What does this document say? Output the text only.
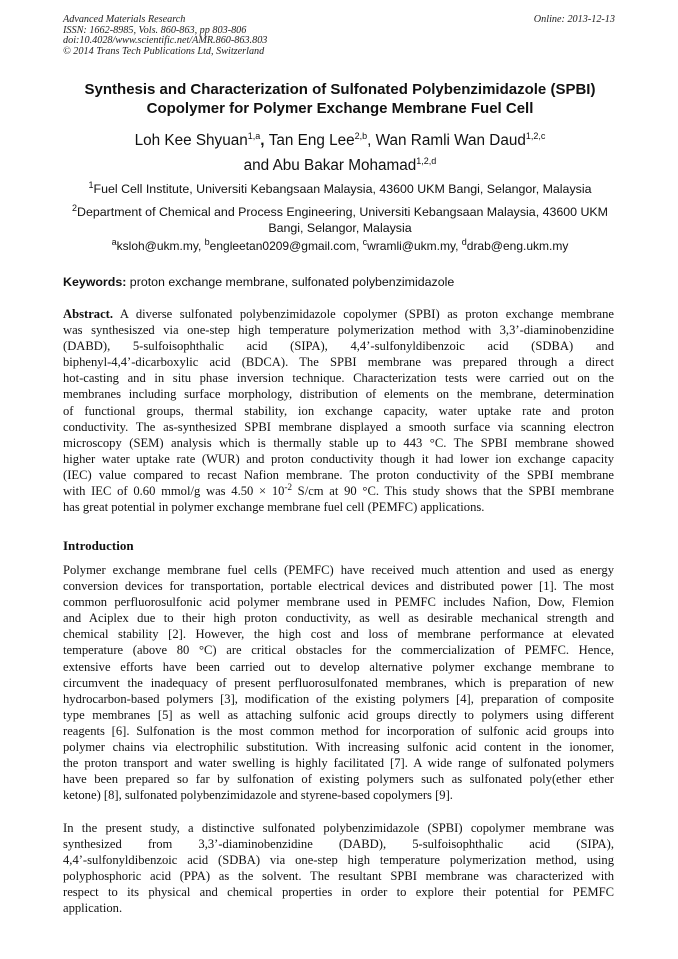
Advanced Materials Research
ISSN: 1662-8985, Vols. 860-863, pp 803-806
doi:10.4028/www.scientific.net/AMR.860-863.803
© 2014 Trans Tech Publications Ltd, Switzerland
Online: 2013-12-13
Synthesis and Characterization of Sulfonated Polybenzimidazole (SPBI)
Copolymer for Polymer Exchange Membrane Fuel Cell
Loh Kee Shyuan$^{1,a}$, Tan Eng Lee$^{2,b}$, Wan Ramli Wan Daud$^{1,2,c}$
and Abu Bakar Mohamad$^{1,2,d}$
$^1$Fuel Cell Institute, Universiti Kebangsaan Malaysia, 43600 UKM Bangi, Selangor, Malaysia
$^2$Department of Chemical and Process Engineering, Universiti Kebangsaan Malaysia, 43600 UKM
Bangi, Selangor, Malaysia
$^a$ksloh@ukm.my, $^b$engleetan0209@gmail.com, $^c$wramli@ukm.my, $^d$drab@eng.ukm.my
Keywords: proton exchange membrane, sulfonated polybenzimidazole
Abstract. A diverse sulfonated polybenzimidazole copolymer (SPBI) as proton exchange membrane
was synthesiszed via one-step high temperature polymerization method with 3,3’-diaminobenzidine
(DABD), 5-sulfoisophthalic acid (SIPA), 4,4’-sulfonyldibenzoic acid (SDBA) and
biphenyl-4,4’-dicarboxylic acid (BDCA). The SPBI membrane was prepared through a direct
hot-casting and in situ phase inversion technique. Characterization tests were carried out on the
membranes including surface morphology, distribution of elements on the membrane, determination
of functional groups, thermal stability, ion exchange capacity, water uptake rate and proton
conductivity. The as-synthesized SPBI membrane displayed a smooth surface via scanning electron
microscopy (SEM) analysis which is thermally stable up to 443 °C. The SPBI membrane showed
higher water uptake rate (WUR) and proton conductivity though it had lower ion exchange capacity
(IEC) value compared to recast Nafion membrane. The proton conductivity of the SPBI membrane
with IEC of 0.60 mmol/g was $4.50 \times 10^{-2}$ S/cm at 90 °C. This study shows that the SPBI membrane
has great potential in polymer exchange membrane fuel cell (PEMFC) applications.
Introduction
Polymer exchange membrane fuel cells (PEMFC) have received much attention and used as energy
conversion devices for transportation, portable electrical devices and distributed power [1]. The most
common perfluorosulfonic acid polymer membrane used in PEMFC includes Nafion, Dow, Flemion
and Aciplex due to their high proton conductivity, as well as desirable mechanical strength and
chemical stability [2]. However, the high cost and loss of membrane performance at elevated
temperature (above 80 °C) are critical obstacles for the commercialization of PEMFC. Hence,
extensive efforts have been carried out to develop alternative polymer exchange membrane to
circumvent the inadequacy of present perfluorosulfonated membranes, which is preparation of new
hydrocarbon-based polymers [3], modification of the existing polymers [4], preparation of composite
type membranes [5] as well as attaching sulfonic acid groups directly to polymers using different
reagents [6]. Sulfonation is the most common method for incorporation of sulfonic acid groups into
polymer chains via electrophilic substitution. With increasing sulfonic acid content in the ionomer,
the proton transport and water swelling is highly facilitated [7]. A wide range of sulfonated polymers
have been prepared so far by sulfonation of existing polymers such as sulfonated poly(ether ether
ketone) [8], sulfonated polybenzimidazole and styrene-based copolymers [9].
In the present study, a distinctive sulfonated polybenzimidazole (SPBI) copolymer membrane was
synthesized from 3,3’-diaminobenzidine (DABD), 5-sulfoisophthalic acid (SIPA),
4,4’-sulfonyldibenzoic acid (SDBA) via one-step high temperature polymerization method, using
polyphosphoric acid (PPA) as the solvent. The resultant SPBI membrane was characterized with
respect to its physical and chemical properties in order to explore their potential for PEMFC
application.
